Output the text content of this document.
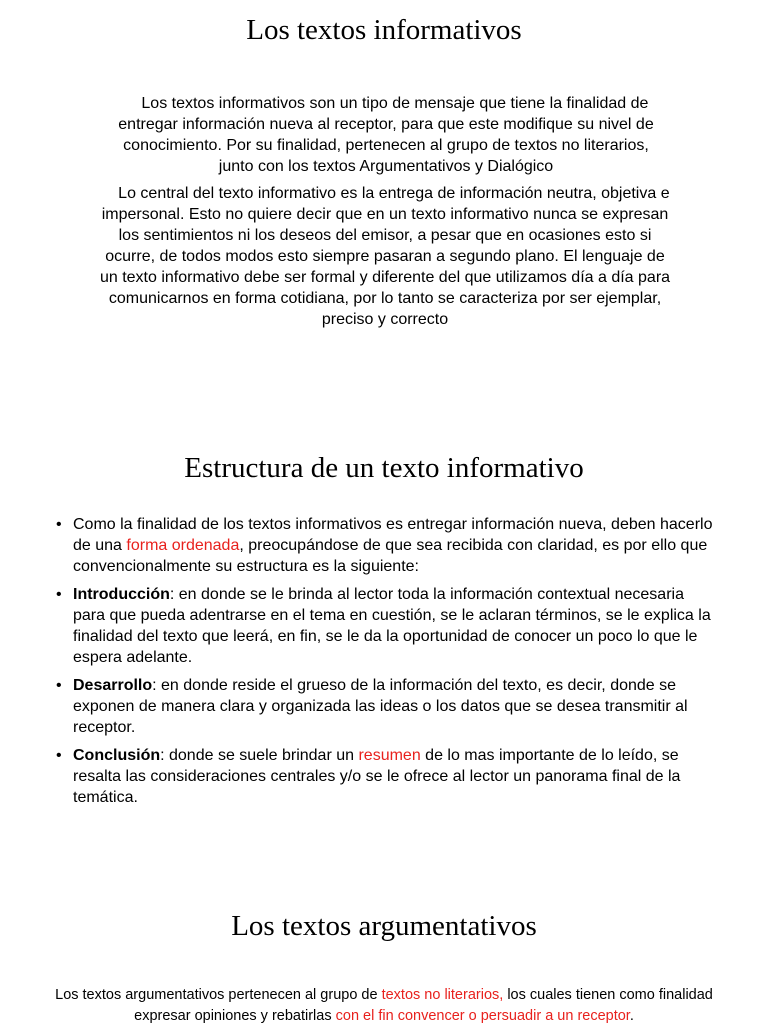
Los textos informativos

Los textos informativos son un tipo de mensaje que tiene la finalidad de entregar información nueva al receptor, para que este modifique su nivel de conocimiento. Por su finalidad, pertenecen al grupo de textos no literarios, junto con los textos Argumentativos y Dialógico

Lo central del texto informativo es la entrega de información neutra, objetiva e impersonal. Esto no quiere decir que en un texto informativo nunca se expresan los sentimientos ni los deseos del emisor, a pesar que en ocasiones esto si ocurre, de todos modos esto siempre pasaran a segundo plano. El lenguaje de un texto informativo debe ser formal y diferente del que utilizamos día a día para comunicarnos en forma cotidiana, por lo tanto se caracteriza por ser ejemplar, preciso y correcto

Estructura de un texto informativo
• Como la finalidad de los textos informativos es entregar información nueva, deben hacerlo de una forma ordenada, preocupándose de que sea recibida con claridad, es por ello que convencionalmente su estructura es la siguiente:
• Introducción: en donde se le brinda al lector toda la información contextual necesaria para que pueda adentrarse en el tema en cuestión, se le aclaran términos, se le explica la finalidad del texto que leerá, en fin, se le da la oportunidad de conocer un poco lo que le espera adelante.
• Desarrollo: en donde reside el grueso de la información del texto, es decir, donde se exponen de manera clara y organizada las ideas o los datos que se desea transmitir al receptor.
• Conclusión: donde se suele brindar un resumen de lo mas importante de lo leído, se resalta las consideraciones centrales y/o se le ofrece al lector un panorama final de la temática.
Los textos argumentativos

Los textos argumentativos pertenecen al grupo de textos no literarios, los cuales tienen como finalidad expresar opiniones y rebatirlas con el fin convencer o persuadir a un receptor.
